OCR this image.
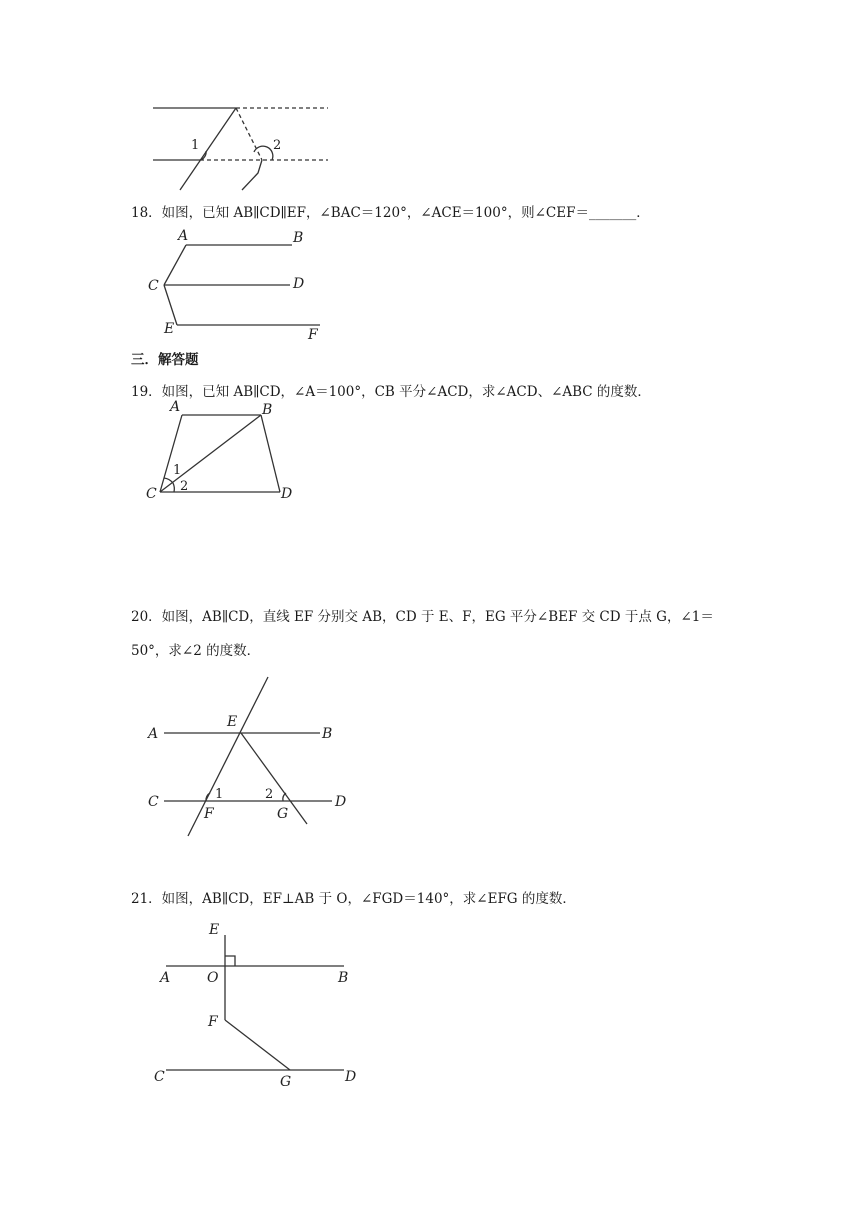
1	2
18．如图，已知 AB∥CD∥EF，∠BAC＝120°，∠ACE＝100°，则∠CEF＝_______．
A	B
C	D
E	F
三．解答题
19．如图，已知 AB∥CD，∠A＝100°，CB 平分∠ACD，求∠ACD、∠ABC 的度数．
A	B
C	D
1
2
20．如图，AB∥CD，直线 EF 分别交 AB，CD 于 E、F，EG 平分∠BEF 交 CD 于点 G，∠1＝50°，求∠2 的度数．
A	B
C	D
E
F	G
1	2
21．如图，AB∥CD，EF⊥AB 于 O，∠FGD＝140°，求∠EFG 的度数．
E
A	O	B
F
C	G	D
